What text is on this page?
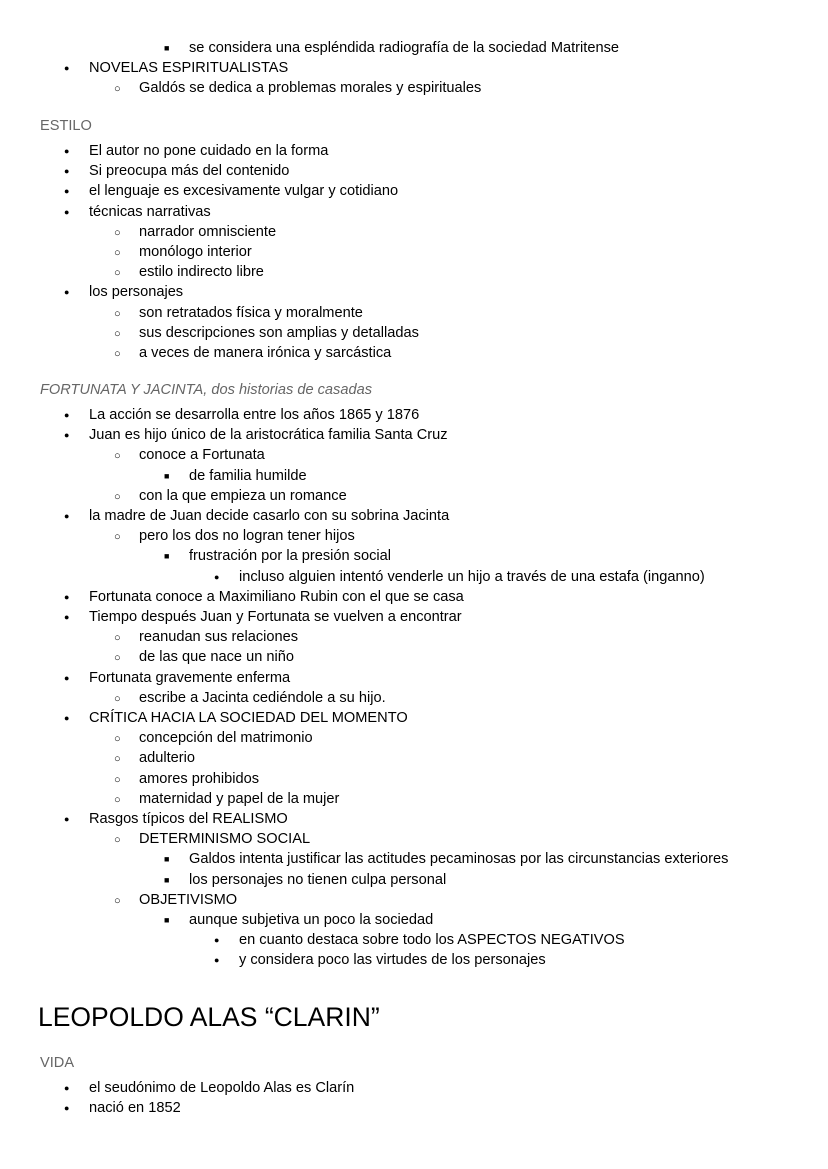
■
se considera una espléndida radiografía de la sociedad Matritense
●
NOVELAS ESPIRITUALISTAS
○
Galdós se dedica a problemas morales y espirituales
ESTILO
●
El autor no pone cuidado en la forma
●
Si preocupa más del contenido
●
el lenguaje es excesivamente vulgar y cotidiano
●
técnicas narrativas
○
narrador omnisciente
○
monólogo interior
○
estilo indirecto libre
●
los personajes
○
son retratados física y moralmente
○
sus descripciones son amplias y detalladas
○
a veces de manera irónica y sarcástica
FORTUNATA Y JACINTA, dos historias de casadas
●
La acción se desarrolla entre los años 1865 y 1876
●
Juan es hijo único de la aristocrática familia Santa Cruz
○
conoce a Fortunata
■
de familia humilde
○
con la que empieza un romance
●
la madre de Juan decide casarlo con su sobrina Jacinta
○
pero los dos no logran tener hijos
■
frustración por la presión social
●
incluso alguien intentó venderle un hijo a través de una estafa (inganno)
●
Fortunata conoce a Maximiliano Rubin con el que se casa
●
Tiempo después Juan y Fortunata se vuelven a encontrar
○
reanudan sus relaciones
○
de las que nace un niño
●
Fortunata gravemente enferma
○
escribe a Jacinta cediéndole a su hijo.
●
CRÍTICA HACIA LA SOCIEDAD DEL MOMENTO
○
concepción del matrimonio
○
adulterio
○
amores prohibidos
○
maternidad y papel de la mujer
●
Rasgos típicos del REALISMO
○
DETERMINISMO SOCIAL
■
Galdos intenta justificar las actitudes pecaminosas por las circunstancias exteriores
■
los personajes no tienen culpa personal
○
OBJETIVISMO
■
aunque subjetiva un poco la sociedad
●
en cuanto destaca sobre todo los ASPECTOS NEGATIVOS
●
y considera poco las virtudes de los personajes
LEOPOLDO ALAS “CLARIN”
VIDA
●
el seudónimo de Leopoldo Alas es Clarín
●
nació en 1852
